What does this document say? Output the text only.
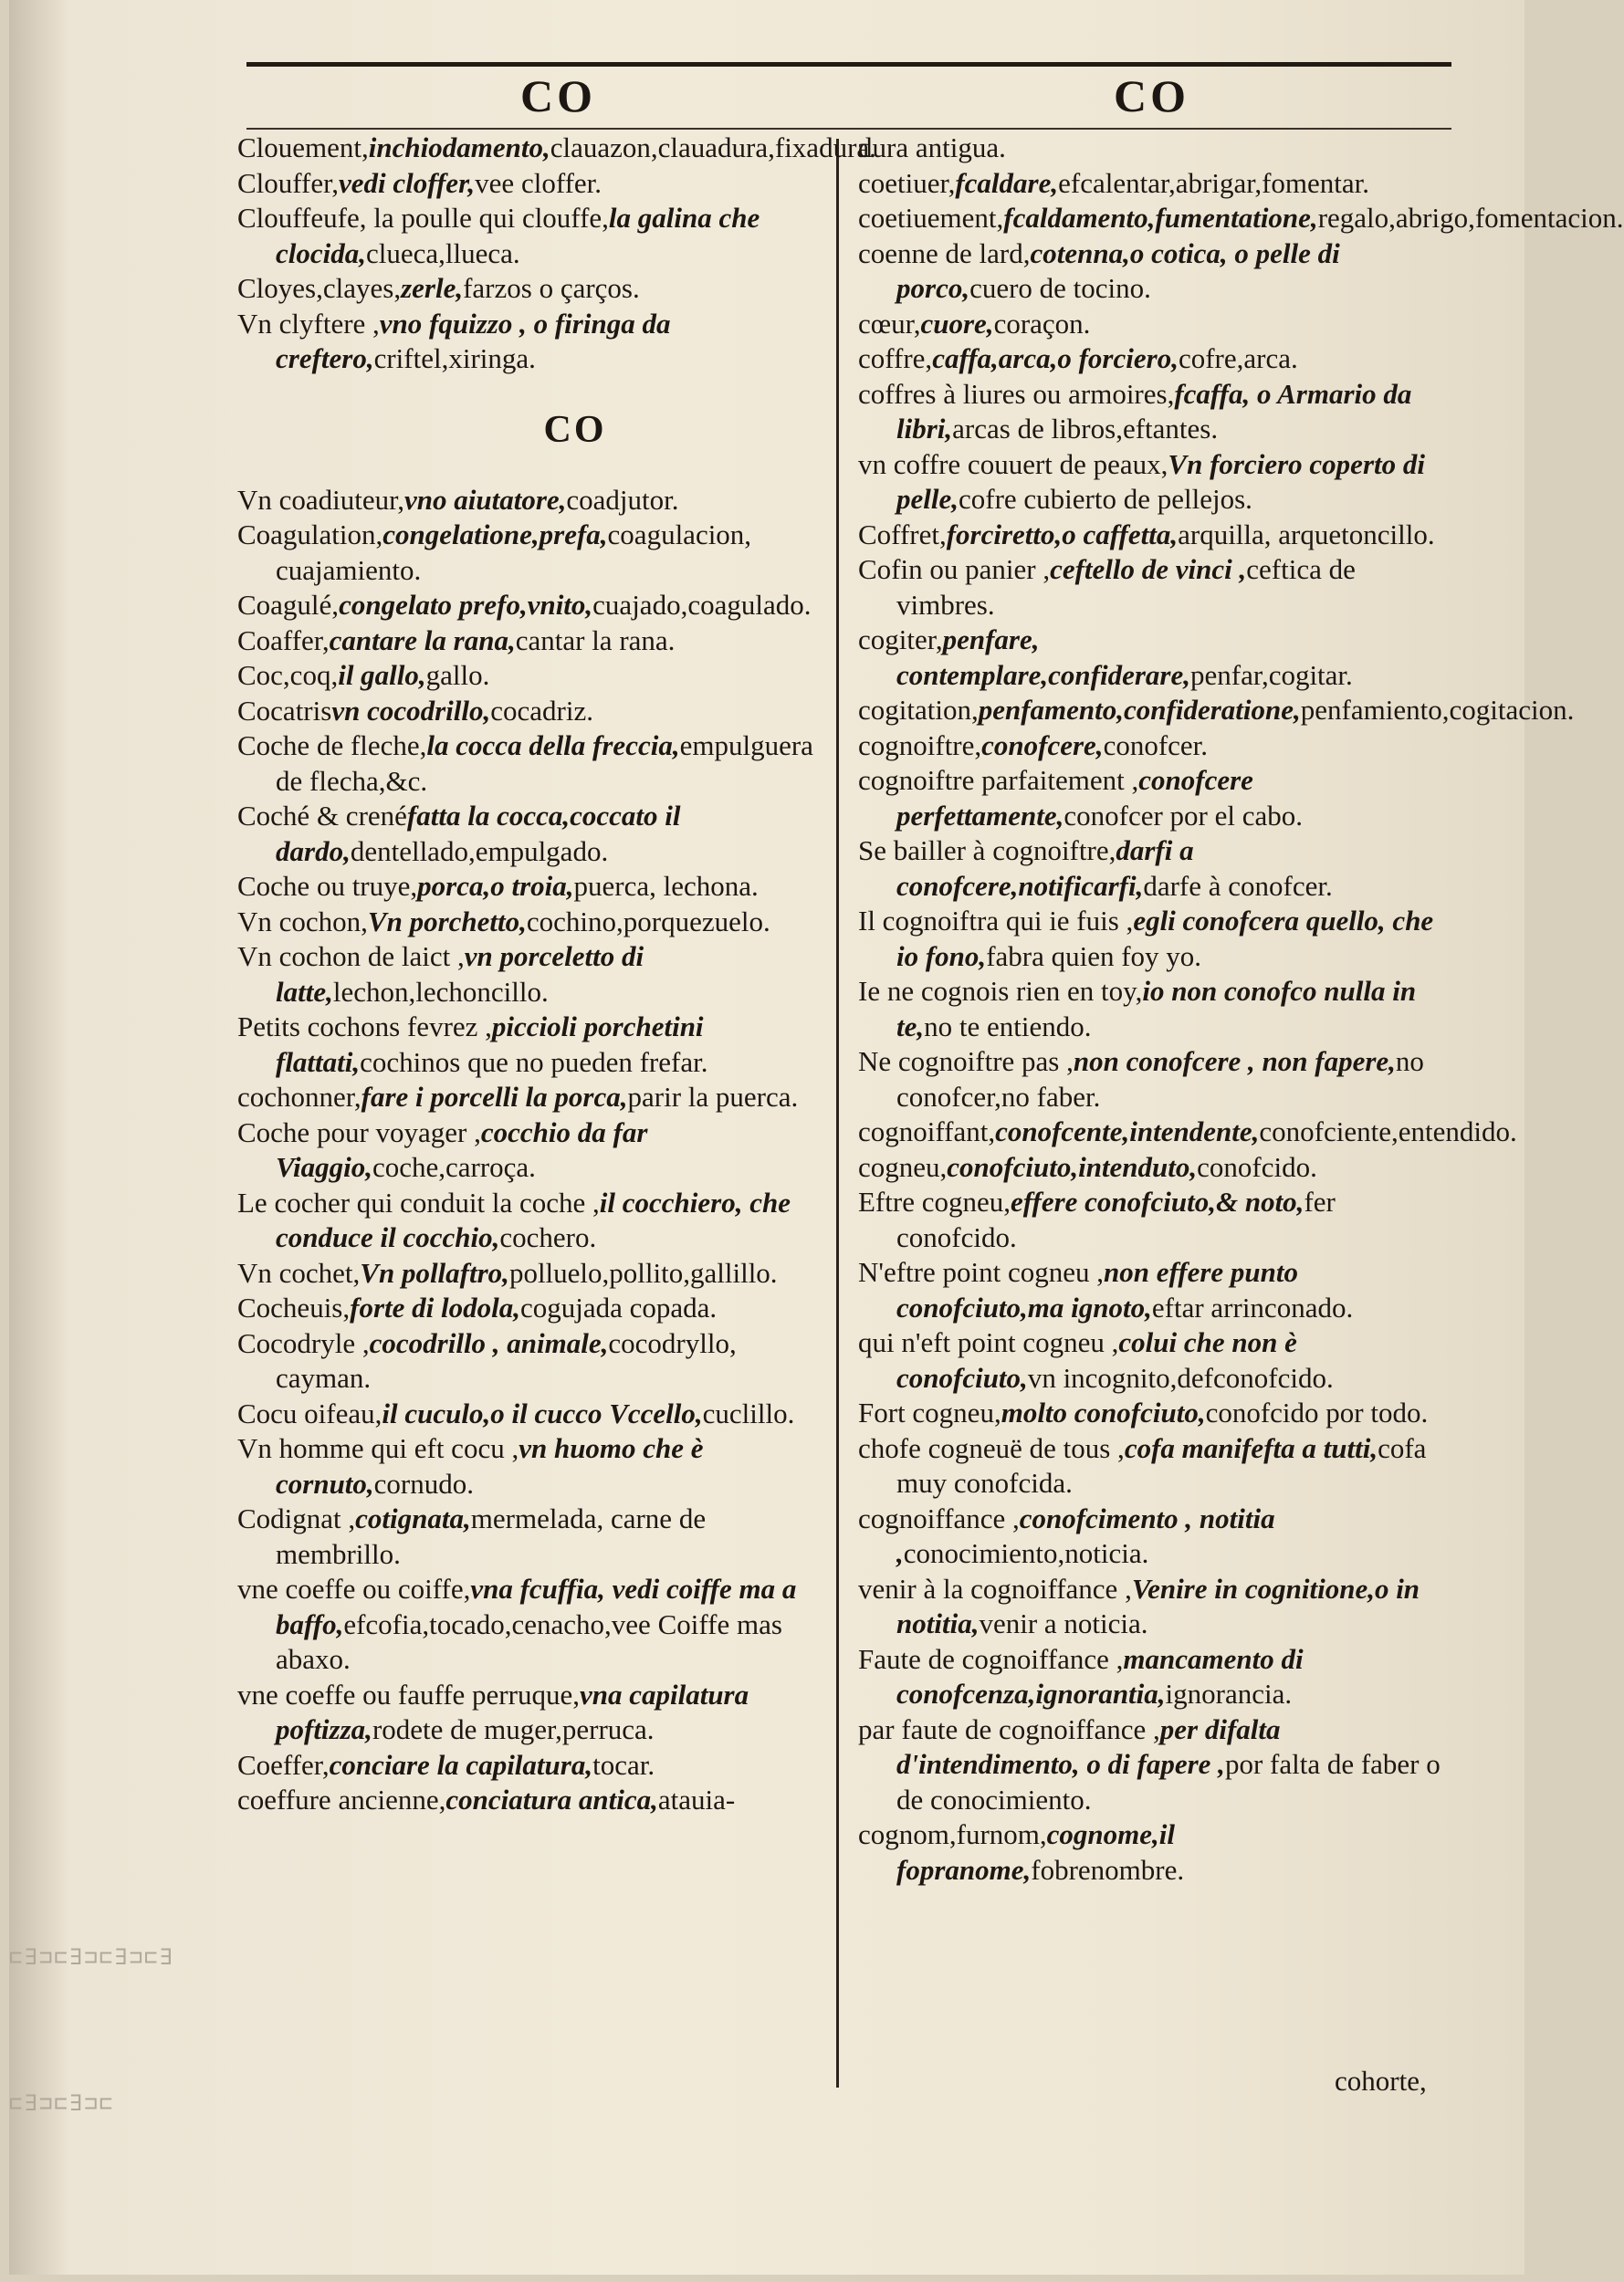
CO	CO

Clouement,inchiodamento,clauazon,clauadura,fixadura.

Clouffer,vedi cloffer,vee cloffer.

Clouffeufe, la poulle qui clouffe,la galina che clocida,clueca,llueca.

Cloyes,clayes,zerle,farzos o çarços.

Vn clyftere ,vno fquizzo , o firinga da creftero,criftel,xiringa.

CO

Vn coadiuteur,vno aiutatore,coadjutor.

Coagulation,congelatione,prefa,coagulacion, cuajamiento.

Coagulé,congelato prefo,vnito,cuajado,coagulado.

Coaffer,cantare la rana,cantar la rana.

Coc,coq,il gallo,gallo.

Cocatrisvn cocodrillo,cocadriz.

Coche de fleche,la cocca della freccia,empulguera de flecha,&c.

Coché & crenéfatta la cocca,coccato il dardo,dentellado,empulgado.

Coche ou truye,porca,o troia,puerca, lechona.

Vn cochon,Vn porchetto,cochino,porquezuelo.

Vn cochon de laict ,vn porceletto di latte,lechon,lechoncillo.

Petits cochons fevrez ,piccioli porchetini flattati,cochinos que no pueden frefar.

cochonner,fare i porcelli la porca,parir la puerca.

Coche pour voyager ,cocchio da far Viaggio,coche,carroça.

Le cocher qui conduit la coche ,il cocchiero, che conduce il cocchio,cochero.

Vn cochet,Vn pollaftro,polluelo,pollito,gallillo.

Cocheuis,forte di lodola,cogujada copada.

Cocodryle ,cocodrillo , animale,cocodryllo, cayman.

Cocu oifeau,il cuculo,o il cucco Vccello,cuclillo.

Vn homme qui eft cocu ,vn huomo che è cornuto,cornudo.

Codignat ,cotignata,mermelada, carne de membrillo.

vne coeffe ou coiffe,vna fcuffia, vedi coiffe ma a baffo,efcofia,tocado,cenacho,vee Coiffe mas abaxo.

vne coeffe ou fauffe perruque,vna capilatura poftizza,rodete de muger,perruca.

Coeffer,conciare la capilatura,tocar.

coeffure ancienne,conciatura antica,atauia-

dura antigua.

coetiuer,fcaldare,efcalentar,abrigar,fomentar.

coetiuement,fcaldamento,fumentatione,regalo,abrigo,fomentacion.

coenne de lard,cotenna,o cotica, o pelle di porco,cuero de tocino.

cœur,cuore,coraçon.

coffre,caffa,arca,o forciero,cofre,arca.

coffres à liures ou armoires,fcaffa, o Armario da libri,arcas de libros,eftantes.

vn coffre couuert de peaux,Vn forciero coperto di pelle,cofre cubierto de pellejos.

Coffret,forciretto,o caffetta,arquilla, arquetoncillo.

Cofin ou panier ,ceftello de vinci ,ceftica de vimbres.

cogiter,penfare, contemplare,confiderare,penfar,cogitar.

cogitation,penfamento,confideratione,penfamiento,cogitacion.

cognoiftre,conofcere,conofcer.

cognoiftre parfaitement ,conofcere perfettamente,conofcer por el cabo.

Se bailler à cognoiftre,darfi a conofcere,notificarfi,darfe à conofcer.

Il cognoiftra qui ie fuis ,egli conofcera quello, che io fono,fabra quien foy yo.

Ie ne cognois rien en toy,io non conofco nulla in te,no te entiendo.

Ne cognoiftre pas ,non conofcere , non fapere,no conofcer,no faber.

cognoiffant,conofcente,intendente,conofciente,entendido.

cogneu,conofciuto,intenduto,conofcido.

Eftre cogneu,effere conofciuto,& noto,fer conofcido.

N'eftre point cogneu ,non effere punto conofciuto,ma ignoto,eftar arrinconado.

qui n'eft point cogneu ,colui che non è conofciuto,vn incognito,defconofcido.

Fort cogneu,molto conofciuto,conofcido por todo.

chofe cogneuë de tous ,cofa manifefta a tutti,cofa muy conofcida.

cognoiffance ,conofcimento , notitia ,conocimiento,noticia.

venir à la cognoiffance ,Venire in cognitione,o in notitia,venir a noticia.

Faute de cognoiffance ,mancamento di conofcenza,ignorantia,ignorancia.

par faute de cognoiffance ,per difalta d'intendimento, o di fapere ,por falta de faber o de conocimiento.

cognom,furnom,cognome,il fopranome,fobrenombre.

cohorte,
⊏∃⊐⊏∃⊐⊏∃⊐⊏∃
⊏∃⊐⊏∃⊐⊏
